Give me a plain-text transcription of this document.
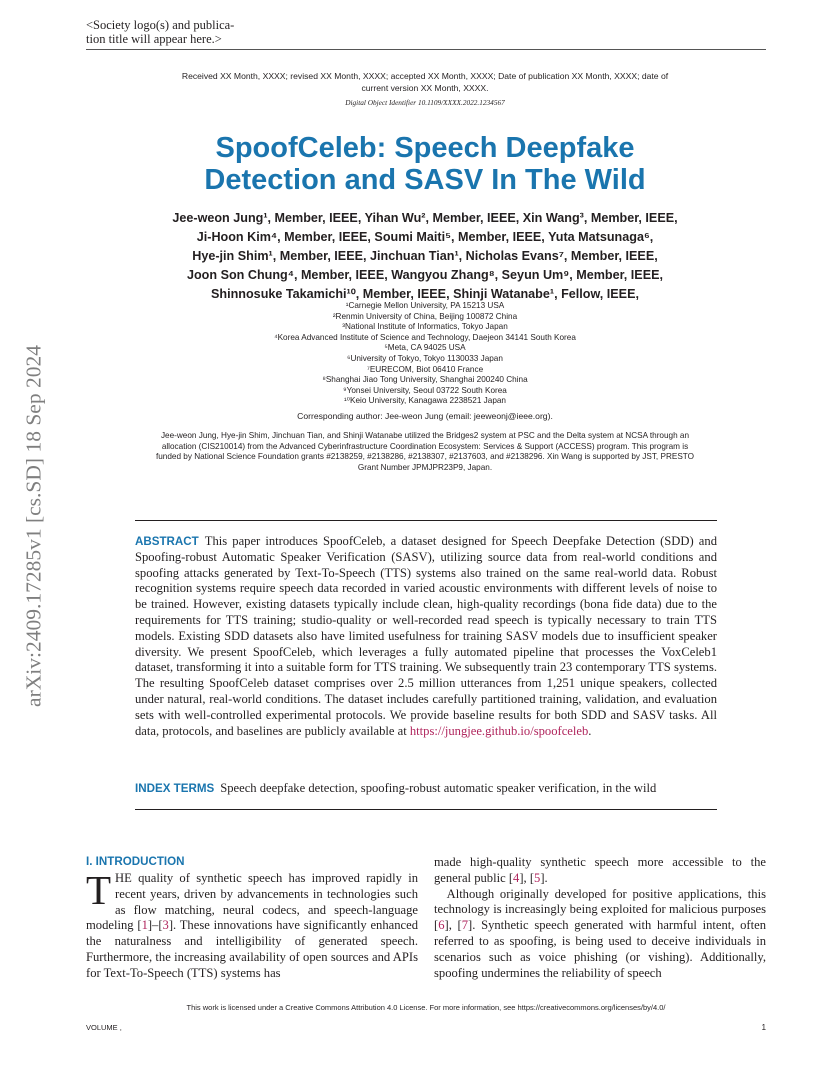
<Society logo(s) and publica-
tion title will appear here.>
Received XX Month, XXXX; revised XX Month, XXXX; accepted XX Month, XXXX; Date of publication XX Month, XXXX; date of
current version XX Month, XXXX.
Digital Object Identifier 10.1109/XXXX.2022.1234567
SpoofCeleb: Speech Deepfake
Detection and SASV In The Wild

Jee-weon Jung¹, Member, IEEE, Yihan Wu², Member, IEEE, Xin Wang³, Member, IEEE,

Ji-Hoon Kim⁴, Member, IEEE, Soumi Maiti⁵, Member, IEEE, Yuta Matsunaga⁶,

Hye-jin Shim¹, Member, IEEE, Jinchuan Tian¹, Nicholas Evans⁷, Member, IEEE,

Joon Son Chung⁴, Member, IEEE, Wangyou Zhang⁸, Seyun Um⁹, Member, IEEE,

Shinnosuke Takamichi¹⁰, Member, IEEE, Shinji Watanabe¹, Fellow, IEEE,

¹Carnegie Mellon University, PA 15213 USA

²Renmin University of China, Beijing 100872 China

³National Institute of Informatics, Tokyo Japan

⁴Korea Advanced Institute of Science and Technology, Daejeon 34141 South Korea

⁵Meta, CA 94025 USA

⁶University of Tokyo, Tokyo 1130033 Japan

⁷EURECOM, Biot 06410 France

⁸Shanghai Jiao Tong University, Shanghai 200240 China

⁹Yonsei University, Seoul 03722 South Korea

¹⁰Keio University, Kanagawa 2238521 Japan

Corresponding author: Jee-weon Jung (email: jeeweonj@ieee.org).
Jee-weon Jung, Hye-jin Shim, Jinchuan Tian, and Shinji Watanabe utilized the Bridges2 system at PSC and the Delta system at NCSA through an allocation (CIS210014) from the Advanced Cyberinfrastructure Coordination Ecosystem: Services & Support (ACCESS) program. This program is funded by National Science Foundation grants #2138259, #2138286, #2138307, #2137603, and #2138296. Xin Wang is supported by JST, PRESTO Grant Number JPMJPR23P9, Japan.
ABSTRACT This paper introduces SpoofCeleb, a dataset designed for Speech Deepfake Detection (SDD) and Spoofing-robust Automatic Speaker Verification (SASV), utilizing source data from real-world conditions and spoofing attacks generated by Text-To-Speech (TTS) systems also trained on the same real-world data. Robust recognition systems require speech data recorded in varied acoustic environments with different levels of noise to be trained. However, existing datasets typically include clean, high-quality recordings (bona fide data) due to the requirements for TTS training; studio-quality or well-recorded read speech is typically necessary to train TTS models. Existing SDD datasets also have limited usefulness for training SASV models due to insufficient speaker diversity. We present SpoofCeleb, which leverages a fully automated pipeline that processes the VoxCeleb1 dataset, transforming it into a suitable form for TTS training. We subsequently train 23 contemporary TTS systems. The resulting SpoofCeleb dataset comprises over 2.5 million utterances from 1,251 unique speakers, collected under natural, real-world conditions. The dataset includes carefully partitioned training, validation, and evaluation sets with well-controlled experimental protocols. We provide baseline results for both SDD and SASV tasks. All data, protocols, and baselines are publicly available at https://jungjee.github.io/spoofceleb.
INDEX TERMS Speech deepfake detection, spoofing-robust automatic speaker verification, in the wild
arXiv:2409.17285v1 [cs.SD] 18 Sep 2024
I. INTRODUCTION

THE quality of synthetic speech has improved rapidly in recent years, driven by advancements in technologies such as flow matching, neural codecs, and speech-language modeling [1]–[3]. These innovations have significantly enhanced the naturalness and intelligibility of generated speech. Furthermore, the increasing availability of open sources and APIs for Text-To-Speech (TTS) systems has

made high-quality synthetic speech more accessible to the general public [4], [5].

Although originally developed for positive applications, this technology is increasingly being exploited for malicious purposes [6], [7]. Synthetic speech generated with harmful intent, often referred to as spoofing, is being used to deceive individuals in scenarios such as voice phishing (or vishing). Additionally, spoofing undermines the reliability of speech

This work is licensed under a Creative Commons Attribution 4.0 License. For more information, see https://creativecommons.org/licenses/by/4.0/
VOLUME ,	1
